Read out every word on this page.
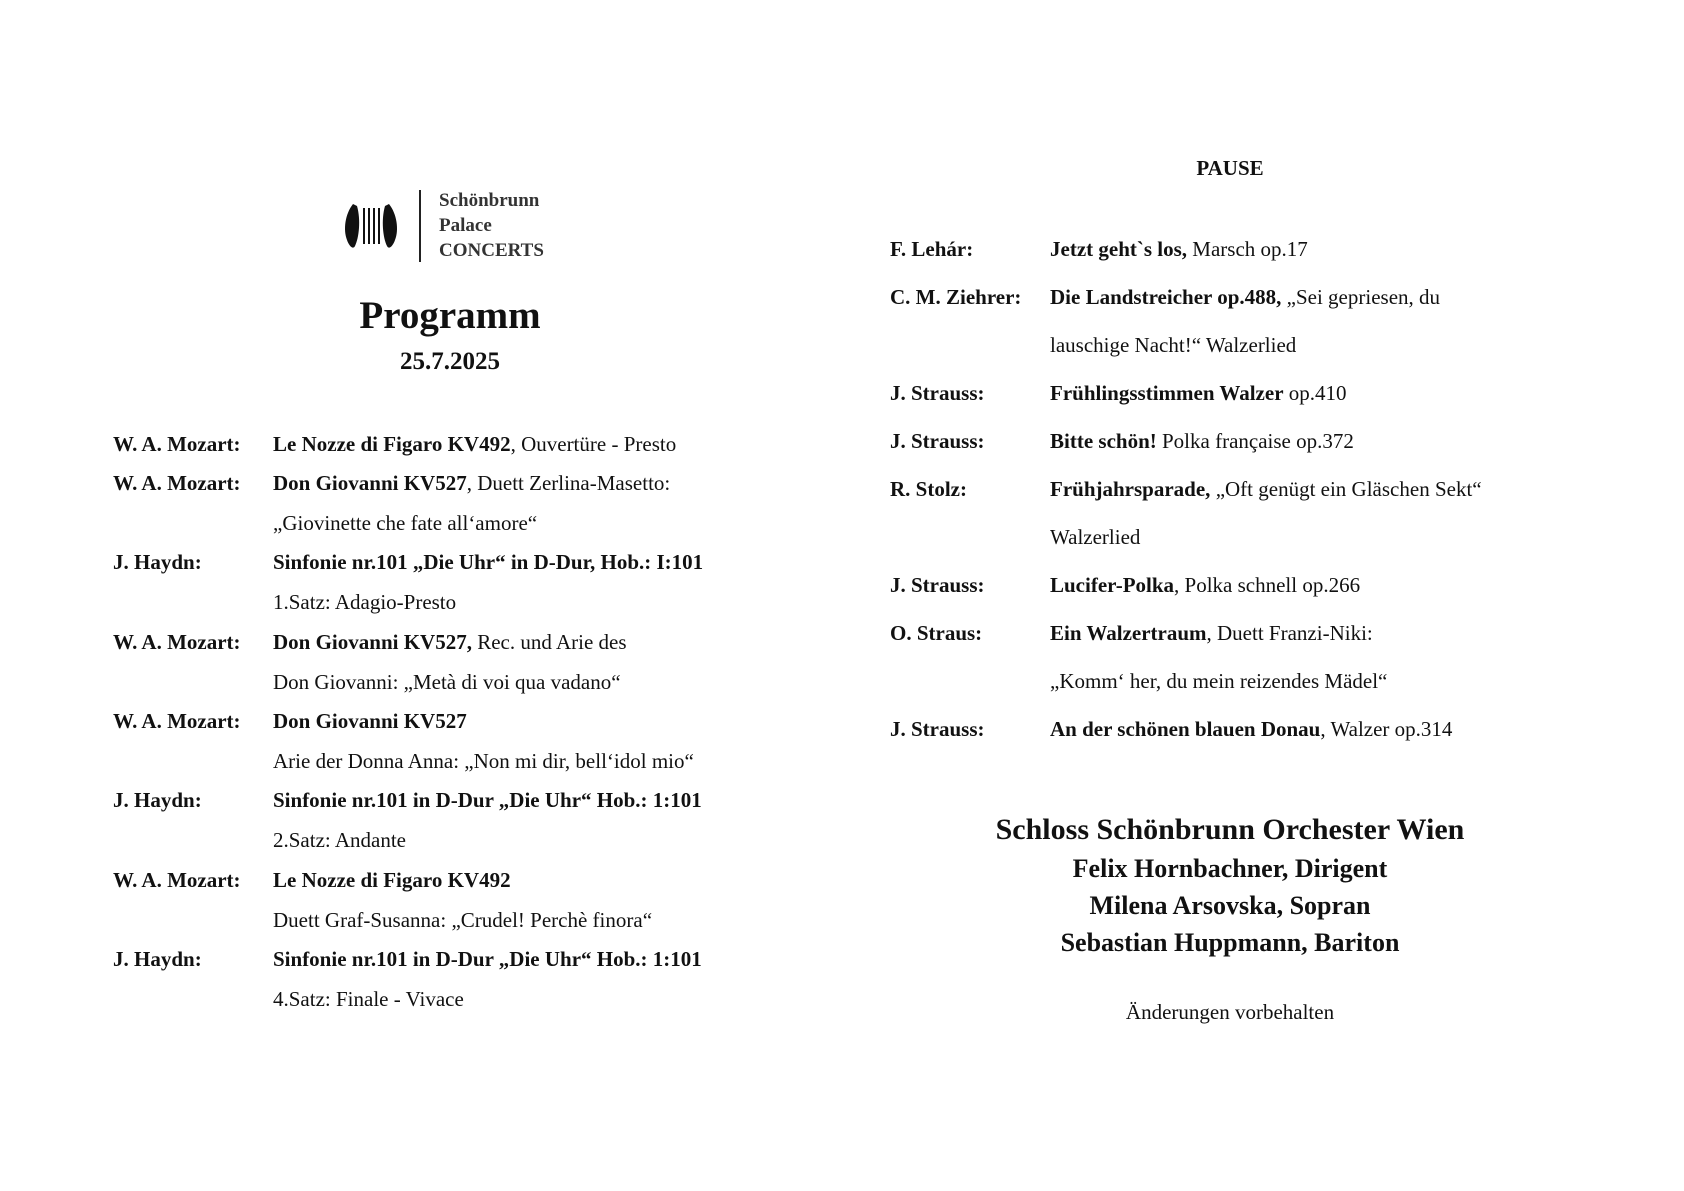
Schönbrunn
Palace
CONCERTS
Programm
25.7.2025
W. A. Mozart: Le Nozze di Figaro KV492, Ouvertüre - Presto
W. A. Mozart: Don Giovanni KV527, Duett Zerlina-Masetto:
„Giovinette che fate all‘amore“
J. Haydn:	Sinfonie nr.101 „Die Uhr“ in D-Dur, Hob.: I:101
1.Satz: Adagio-Presto
W. A. Mozart: Don Giovanni KV527, Rec. und Arie des
Don Giovanni: „Metà di voi qua vadano“
W. A. Mozart: Don Giovanni KV527
Arie der Donna Anna: „Non mi dir, bell‘idol mio“
J. Haydn:	Sinfonie nr.101 in D-Dur „Die Uhr“ Hob.: 1:101
2.Satz: Andante
W. A. Mozart: Le Nozze di Figaro KV492
Duett Graf-Susanna: „Crudel! Perchè finora“
J. Haydn:	Sinfonie nr.101 in D-Dur „Die Uhr“ Hob.: 1:101
4.Satz: Finale - Vivace
PAUSE
F. Lehár:	Jetzt geht`s los, Marsch op.17
C. M. Ziehrer: Die Landstreicher op.488, „Sei gepriesen, du
lauschige Nacht!“ Walzerlied
J. Strauss:	Frühlingsstimmen Walzer op.410
J. Strauss:	Bitte schön! Polka française op.372
R. Stolz:	Frühjahrsparade, „Oft genügt ein Gläschen Sekt“
Walzerlied
J. Strauss:	Lucifer-Polka, Polka schnell op.266
O. Straus:	Ein Walzertraum, Duett Franzi-Niki:
„Komm‘ her, du mein reizendes Mädel“
J. Strauss:	An der schönen blauen Donau, Walzer op.314
Schloss Schönbrunn Orchester Wien
Felix Hornbachner, Dirigent
Milena Arsovska, Sopran
Sebastian Huppmann, Bariton
Änderungen vorbehalten
